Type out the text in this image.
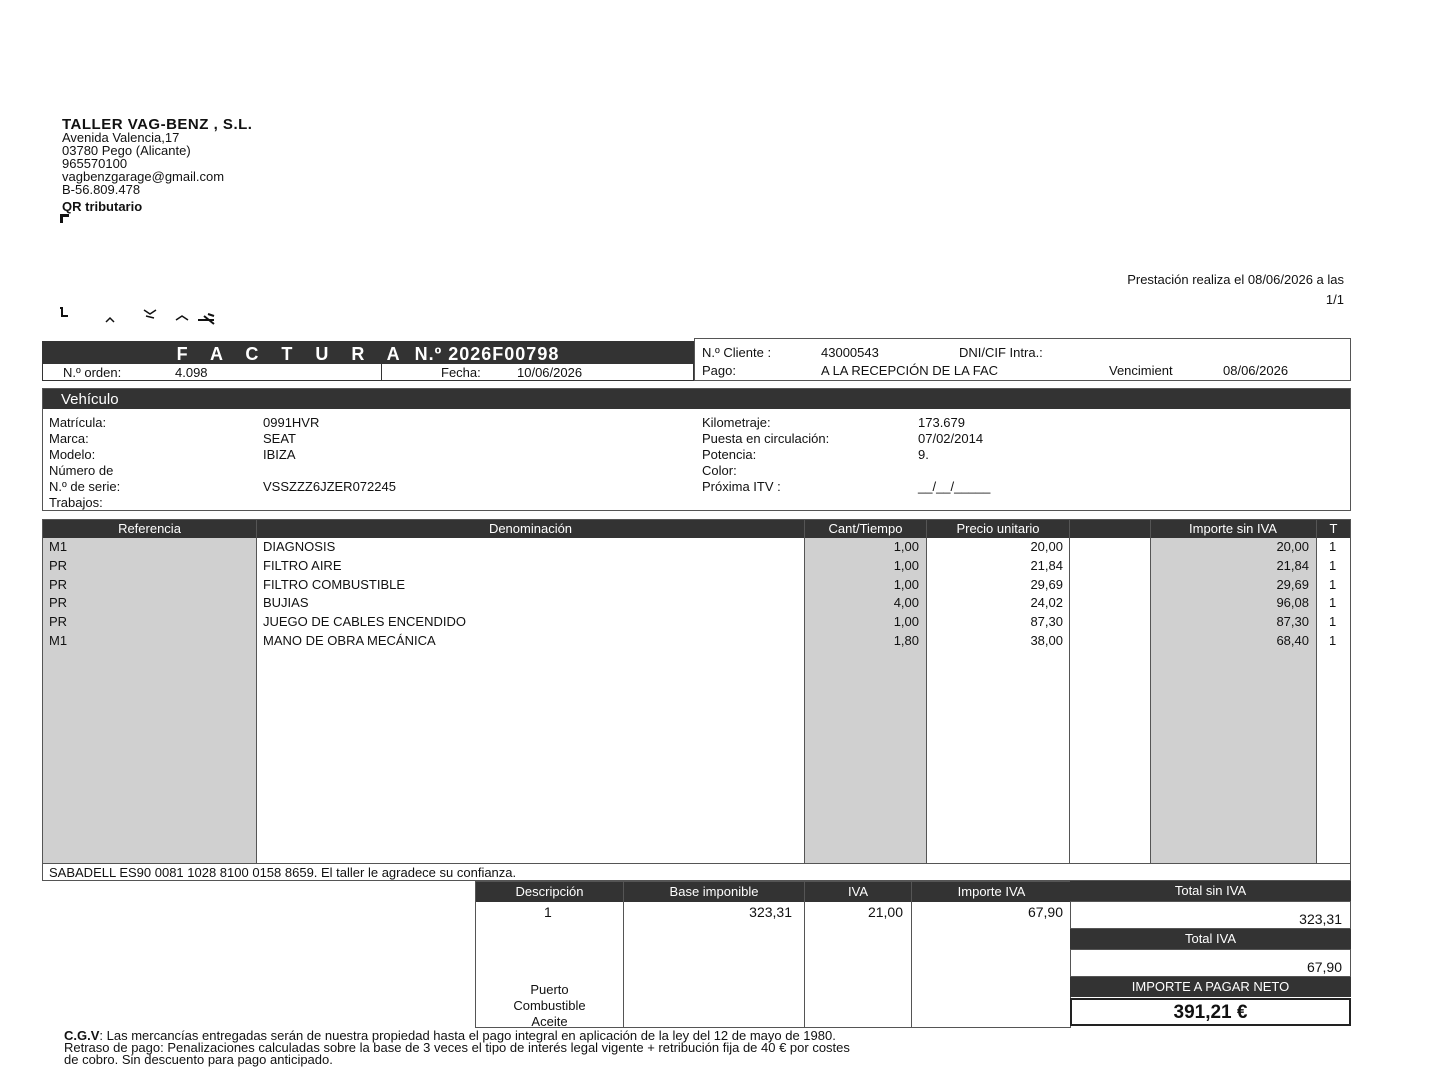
TALLER VAG-BENZ , S.L.
Avenida Valencia,17
03780 Pego (Alicante)
965570100
vagbenzgarage@gmail.com
B-56.809.478
QR tributario
Prestación realiza el 08/06/2026 a las
1/1
F A C T U R A N.º 2026F00798
N.º orden:	4.098	Fecha:	10/06/2026
N.º Cliente :	43000543	DNI/CIF Intra.:
Pago:	A LA RECEPCIÓN DE LA FAC	Vencimient	08/06/2026
Vehículo
Matrícula:	0991HVR
Marca:	SEAT
Modelo:	IBIZA
Número de
N.º de serie:	VSSZZZ6JZER072245
Trabajos:
Kilometraje:	173.679
Puesta en circulación:	07/02/2014
Potencia:	9.
Color:
Próxima ITV :	__/__/_____
Referencia	Denominación	Cant/Tiempo	Precio unitario	Importe sin IVA	T
M1	DIAGNOSIS	1,00	20,00	20,00 1
PR	FILTRO AIRE	1,00	21,84	21,84 1
PR	FILTRO COMBUSTIBLE	1,00	29,69	29,69 1
PR	BUJIAS	4,00	24,02	96,08 1
PR	JUEGO DE CABLES ENCENDIDO	1,00	87,30	87,30 1
M1	MANO DE OBRA MECÁNICA	1,80	38,00	68,40 1
SABADELL ES90 0081 1028 8100 0158 8659. El taller le agradece su confianza.
Descripción	Base imponible	IVA	Importe IVA
1	323,31	21,00	67,90
Puerto
Combustible
Aceite
Total sin IVA
323,31
Total IVA
67,90
IMPORTE A PAGAR NETO
391,21 €
C.G.V: Las mercancías entregadas serán de nuestra propiedad hasta el pago integral en aplicación de la ley del 12 de mayo de 1980.
Retraso de pago: Penalizaciones calculadas sobre la base de 3 veces el tipo de interés legal vigente + retribución fija de 40 € por costes
de cobro. Sin descuento para pago anticipado.
